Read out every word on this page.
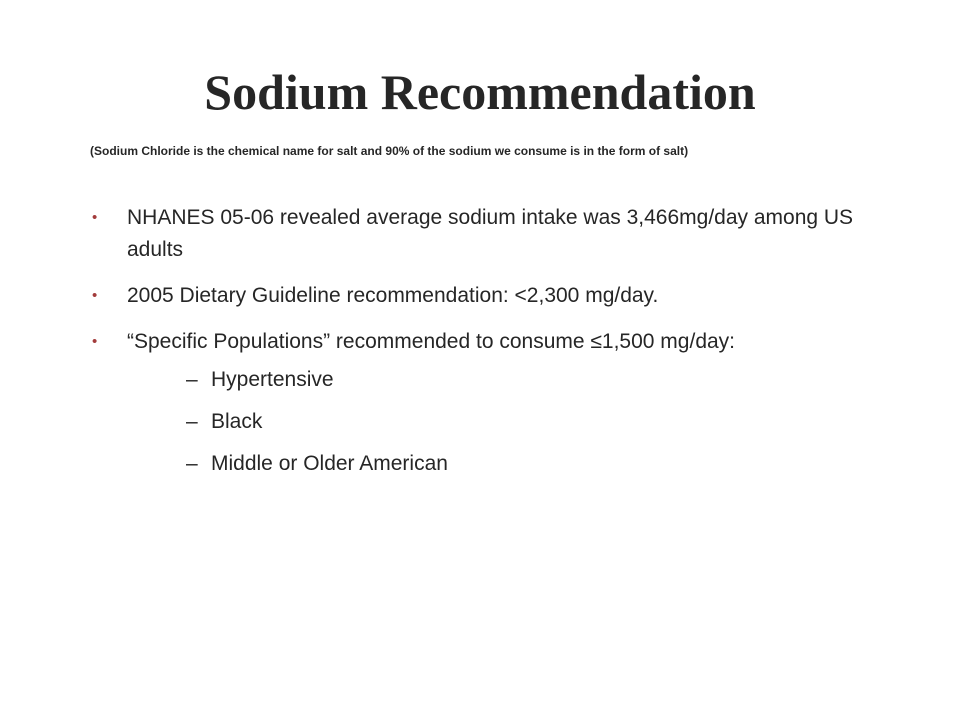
Sodium Recommendation
(Sodium Chloride is the chemical name for salt and 90% of the sodium we consume is in the form of salt)
• NHANES 05-06 revealed average sodium intake was 3,466mg/day among US adults
• 2005 Dietary Guideline recommendation: <2,300 mg/day.
• “Specific Populations” recommended to consume ≤1,500 mg/day:
– Hypertensive
– Black
– Middle or Older American
